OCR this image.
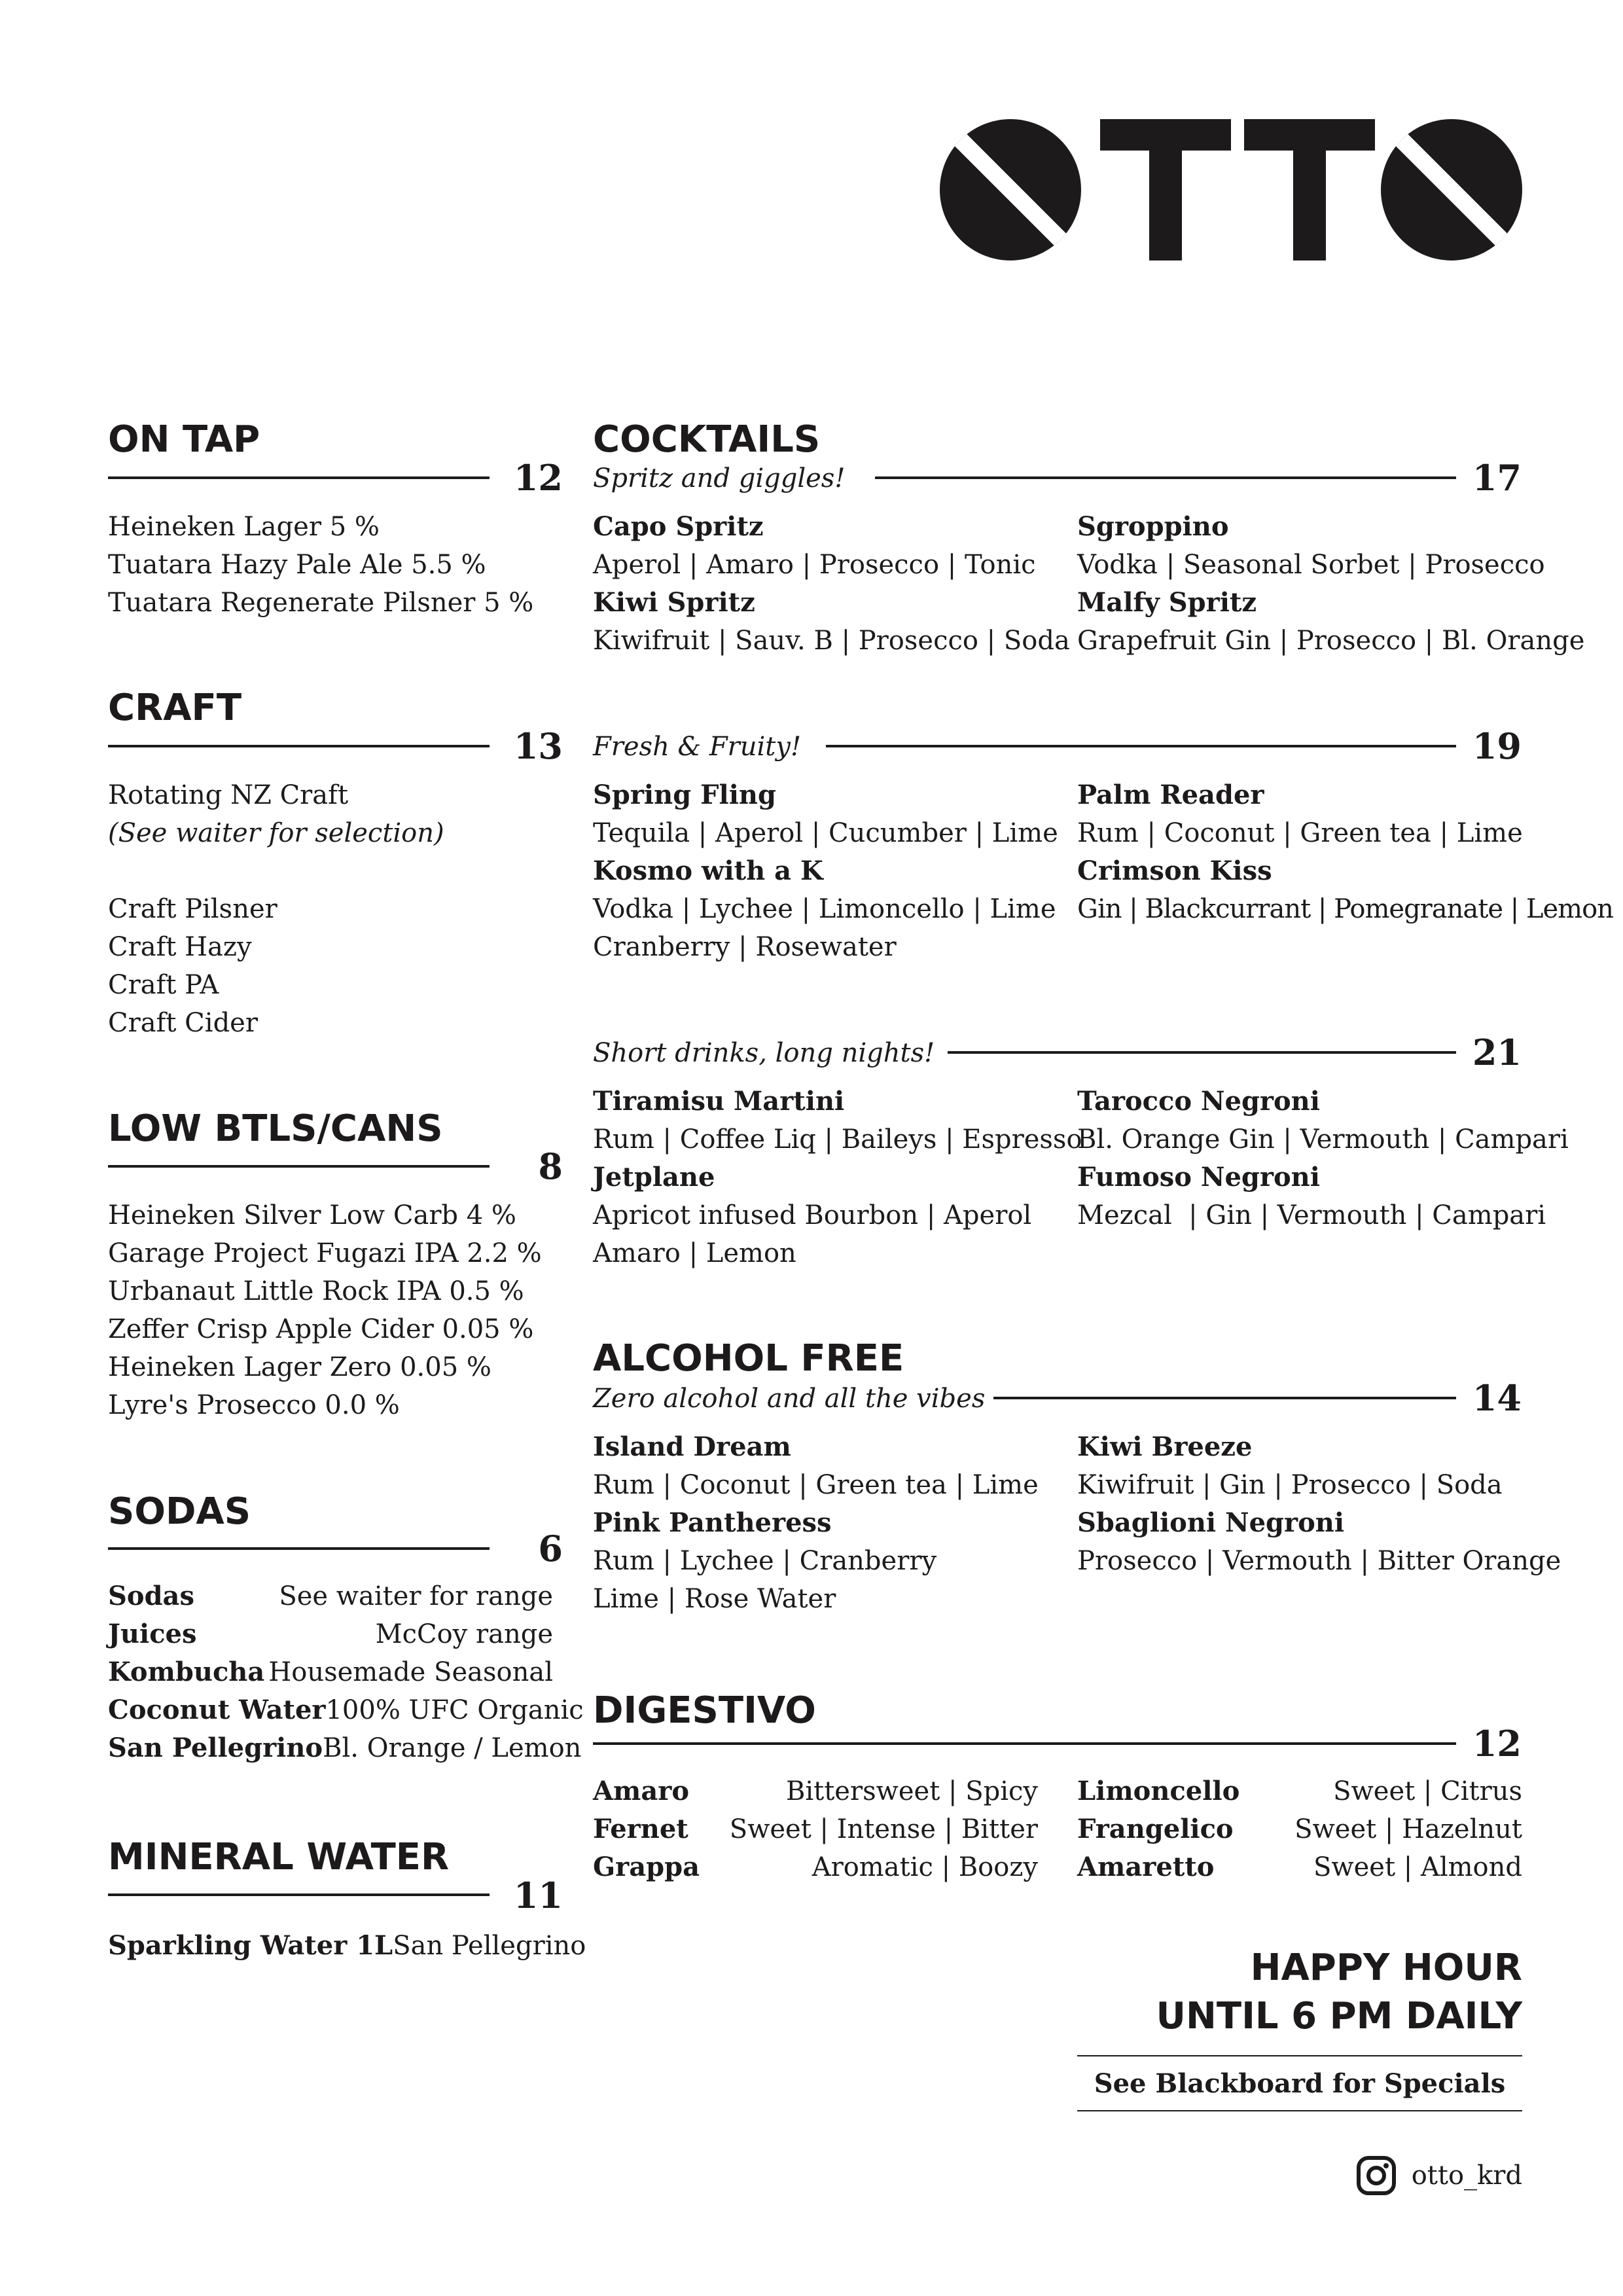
ON TAP
12
Heineken Lager 5 %
Tuatara Hazy Pale Ale 5.5 %
Tuatara Regenerate Pilsner 5 %
CRAFT
13
Rotating NZ Craft
(See waiter for selection)
Craft Pilsner
Craft Hazy
Craft PA
Craft Cider
LOW BTLS/CANS
8
Heineken Silver Low Carb 4 %
Garage Project Fugazi IPA 2.2 %
Urbanaut Little Rock IPA 0.5 %
Zeffer Crisp Apple Cider 0.05 %
Heineken Lager Zero 0.05 %
Lyre's Prosecco 0.0 %
SODAS
6
Sodas	See waiter for range
Juices	McCoy range
Kombucha Housemade Seasonal
Coconut Water 100% UFC Organic
San Pellegrino Bl. Orange / Lemon
MINERAL WATER
11
Sparkling Water 1L San Pellegrino
COCKTAILS
Spritz and giggles!	17
Capo Spritz
Aperol | Amaro | Prosecco | Tonic
Kiwi Spritz
Kiwifruit | Sauv. B | Prosecco | Soda
Sgroppino
Vodka | Seasonal Sorbet | Prosecco
Malfy Spritz
Grapefruit Gin | Prosecco | Bl. Orange
Fresh & Fruity!	19
Spring Fling
Tequila | Aperol | Cucumber | Lime
Kosmo with a K
Vodka | Lychee | Limoncello | Lime
Cranberry | Rosewater
Palm Reader
Rum | Coconut | Green tea | Lime
Crimson Kiss
Gin | Blackcurrant | Pomegranate | Lemon
Short drinks, long nights!	21
Tiramisu Martini
Rum | Coffee Liq | Baileys | Espresso
Jetplane
Apricot infused Bourbon | Aperol
Amaro | Lemon
Tarocco Negroni
Bl. Orange Gin | Vermouth | Campari
Fumoso Negroni
Mezcal  | Gin | Vermouth | Campari
ALCOHOL FREE
Zero alcohol and all the vibes	14
Island Dream
Rum | Coconut | Green tea | Lime
Pink Pantheress
Rum | Lychee | Cranberry
Lime | Rose Water
Kiwi Breeze
Kiwifruit | Gin | Prosecco | Soda
Sbaglioni Negroni
Prosecco | Vermouth | Bitter Orange
DIGESTIVO
12
Amaro	Bittersweet | Spicy
Fernet Sweet | Intense | Bitter
Grappa	Aromatic | Boozy
Limoncello	Sweet | Citrus
Frangelico Sweet | Hazelnut
Amaretto	Sweet | Almond
HAPPY HOUR
UNTIL 6 PM DAILY
See Blackboard for Specials
otto_krd
